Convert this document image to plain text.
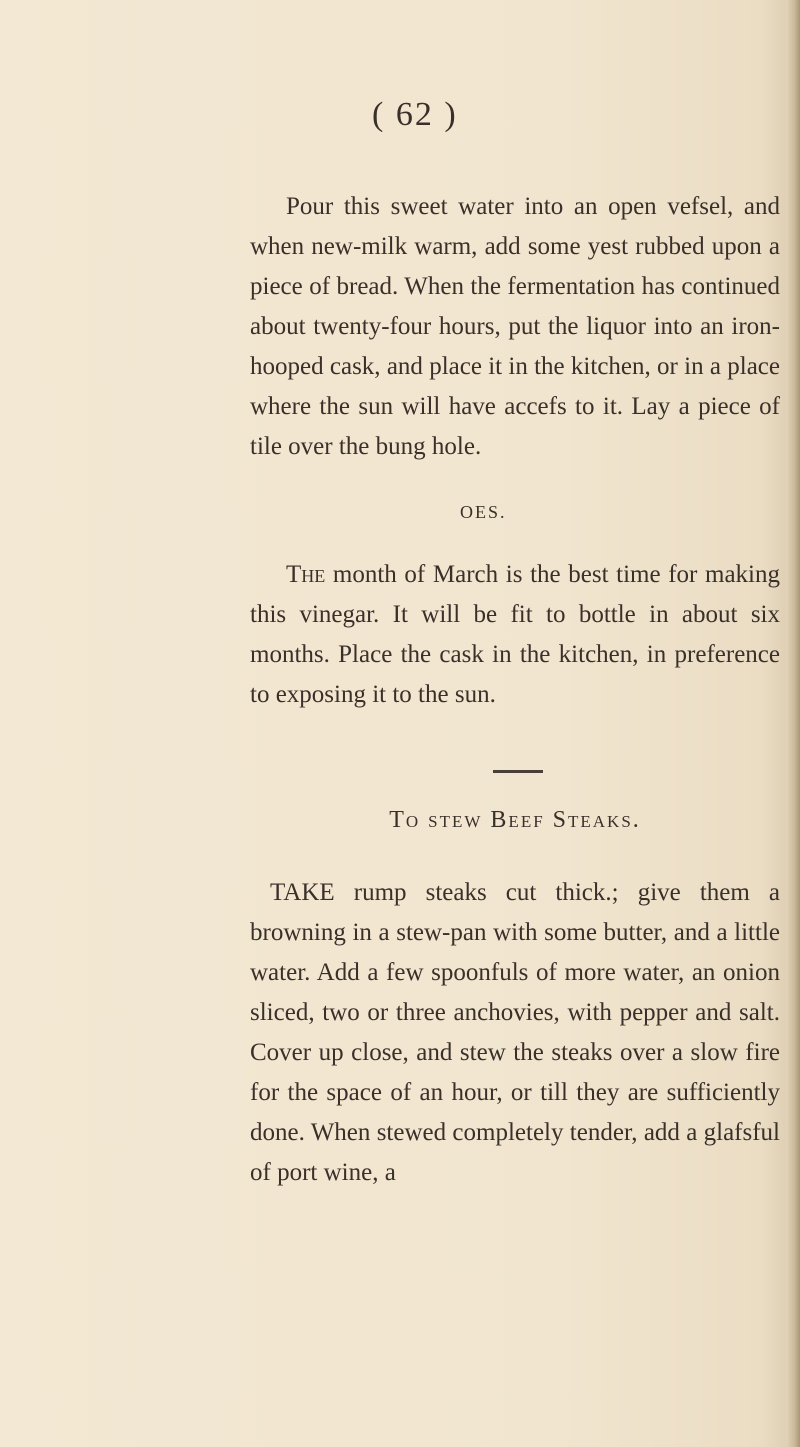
( 62 )

Pour this sweet water into an open vefsel, and when new-milk warm, add some yest rubbed upon a piece of bread. When the fermentation has continued about twenty-four hours, put the liquor into an iron-hooped cask, and place it in the kitchen, or in a place where the sun will have accefs to it. Lay a piece of tile over the bung hole.

OES.

The month of March is the best time for making this vinegar. It will be fit to bottle in about six months. Place the cask in the kitchen, in preference to exposing it to the sun.

To stew Beef Steaks.

TAKE rump steaks cut thick.; give them a browning in a stew-pan with some butter, and a little water. Add a few spoonfuls of more water, an onion sliced, two or three anchovies, with pepper and salt. Cover up close, and stew the steaks over a slow fire for the space of an hour, or till they are sufficiently done. When stewed completely tender, add a glafsful of port wine, a
